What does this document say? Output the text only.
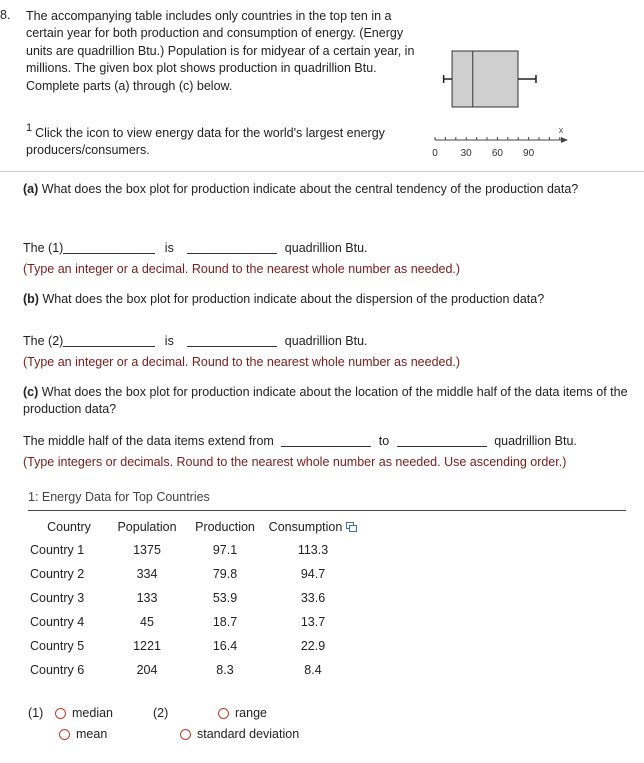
8. The accompanying table includes only countries in the top ten in a certain year for both production and consumption of energy. (Energy units are quadrillion Btu.) Population is for midyear of a certain year, in millions. The given box plot shows production in quadrillion Btu. Complete parts (a) through (c) below.
$^1$ Click the icon to view energy data for the world's largest energy producers/consumers.	0 30 60 90
x
(a) What does the box plot for production indicate about the central tendency of the production data?
The (1)	is	quadrillion Btu.
(Type an integer or a decimal. Round to the nearest whole number as needed.)
(b) What does the box plot for production indicate about the dispersion of the production data?
The (2)	is	quadrillion Btu.
(Type an integer or a decimal. Round to the nearest whole number as needed.)
(c) What does the box plot for production indicate about the location of the middle half of the data items of the production data?
The middle half of the data items extend from	to	quadrillion Btu.
(Type integers or decimals. Round to the nearest whole number as needed. Use ascending order.)
1: Energy Data for Top Countries
Country	Population	Production	Consumption
Country 1	1375	97.1	113.3
Country 2	334	79.8	94.7
Country 3	133	53.9	33.6
Country 4	45	18.7	13.7
Country 5	1221	16.4	22.9
Country 6	204	8.3	8.4
(1)	median
mean
(2)	range
standard deviation
